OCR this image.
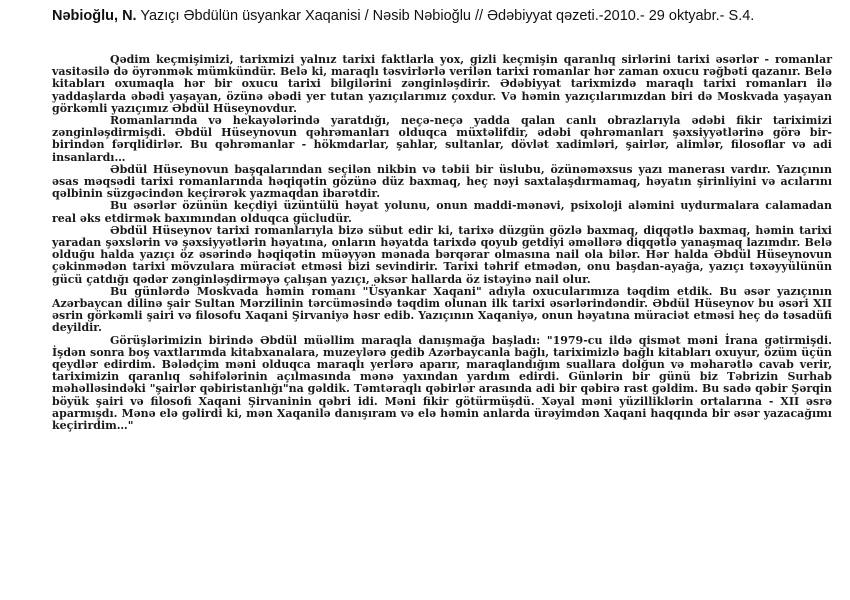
Nəbioğlu, N. Yazıçı Əbdülün üsyankar Xaqanisi / Nəsib Nəbioğlu // Ədəbiyyat qəzeti.-2010.- 29 oktyabr.- S.4.

Qədim keçmişimizi, tarixmizi yalnız tarixi faktlarla yox, gizli keçmişin qaranlıq sirlərini tarixi əsərlər - romanlar vasitəsilə də öyrənmək mümkündür. Belə ki, maraqlı təsvirlərlə verilən tarixi romanlar hər zaman oxucu rəğbəti qazanır. Belə kitabları oxumaqla hər bir oxucu tarixi bilgilərini zənginləşdirir. Ədəbiyyat tarixmizdə maraqlı tarixi romanları ilə yaddaşlarda əbədi yaşayan, özünə əbədi yer tutan yazıçılarımız çoxdur. Və həmin yazıçılarımızdan biri də Moskvada yaşayan görkəmli yazıçımız Əbdül Hüseynovdur.

Romanlarında və hekayələrində yaratdığı, neçə-neçə yadda qalan canlı obrazlarıyla ədəbi fikir tariximizi zənginləşdirmişdi. Əbdül Hüseynovun qəhrəmanları olduqca müxtəlifdir, ədəbi qəhrəmanları şəxsiyyətlərinə görə bir-birindən fərqlidirlər. Bu qəhrəmanlar - hökmdarlar, şahlar, sultanlar, dövlət xadimləri, şairlər, alimlər, filosoflar və adi insanlardı…

Əbdül Hüseynovun başqalarından seçilən nikbin və təbii bir üslubu, özünəməxsus yazı manerası vardır. Yazıçının əsas məqsədi tarixi romanlarında həqiqətin gözünə düz baxmaq, heç nəyi saxtalaşdırmamaq, həyatın şirinliyini və acılarını qəlbinin süzgəcindən keçirərək yazmaqdan ibarətdir.

Bu əsərlər özünün keçdiyi üzüntülü həyat yolunu, onun maddi-mənəvi, psixoloji aləmini uydurmalara calamadan real əks etdirmək baxımından olduqca gücludür.

Əbdül Hüseynov tarixi romanlarıyla bizə sübut edir ki, tarixə düzgün gözlə baxmaq, diqqətlə baxmaq, həmin tarixi yaradan şəxslərin və şəxsiyyətlərin həyatına, onların həyatda tarixdə qoyub getdiyi əməllərə diqqətlə yanaşmaq lazımdır. Belə olduğu halda yazıçı öz əsərində həqiqətin müəyyən mənada bərqərar olmasına nail ola bilər. Hər halda Əbdül Hüseynovun çəkinmədən tarixi mövzulara müraciət etməsi bizi sevindirir. Tarixi təhrif etmədən, onu başdan-ayağa, yazıçı təxəyyülünün gücü çatdığı qədər zənginləşdirməyə çalışan yazıçı, əksər hallarda öz istəyinə nail olur.

Bu günlərdə Moskvada həmin romanı "Üsyankar Xaqani" adıyla oxucularımıza təqdim etdik. Bu əsər yazıçının Azərbaycan dilinə şair Sultan Mərzilinin tərcüməsində təqdim olunan ilk tarixi əsərlərindəndir. Əbdül Hüseynov bu əsəri XII əsrin görkəmli şairi və filosofu Xaqani Şirvaniyə həsr edib. Yazıçının Xaqaniyə, onun həyatına müraciət etməsi heç də təsadüfi deyildir.

Görüşlərimizin birində Əbdül müəllim maraqla danışmağa başladı: "1979-cu ildə qismət məni İrana gətirmişdi. İşdən sonra boş vaxtlarımda kitabxanalara, muzeylərə gedib Azərbaycanla bağlı, tariximizlə bağlı kitabları oxuyur, özüm üçün qeydlər edirdim. Bələdçim məni olduqca maraqlı yerlərə aparır, maraqlandığım suallara dolğun və məharətlə cavab verir, tariximizin qaranlıq səhifələrinin açılmasında mənə yaxından yardım edirdi. Günlərin bir günü biz Təbrizin Surhab məhəlləsindəki "şairlər qəbiristanlığı"na gəldik. Təmtəraqlı qəbirlər arasında adi bir qəbirə rast gəldim. Bu sadə qəbir Şərqin böyük şairi və filosofi Xaqani Şirvaninin qəbri idi. Məni fikir götürmüşdü. Xəyal məni yüzilliklərin ortalarına - XII əsrə aparmışdı. Mənə elə gəlirdi ki, mən Xaqanilə danışıram və elə həmin anlarda ürəyimdən Xaqani haqqında bir əsər yazacağımı keçirirdim…"
